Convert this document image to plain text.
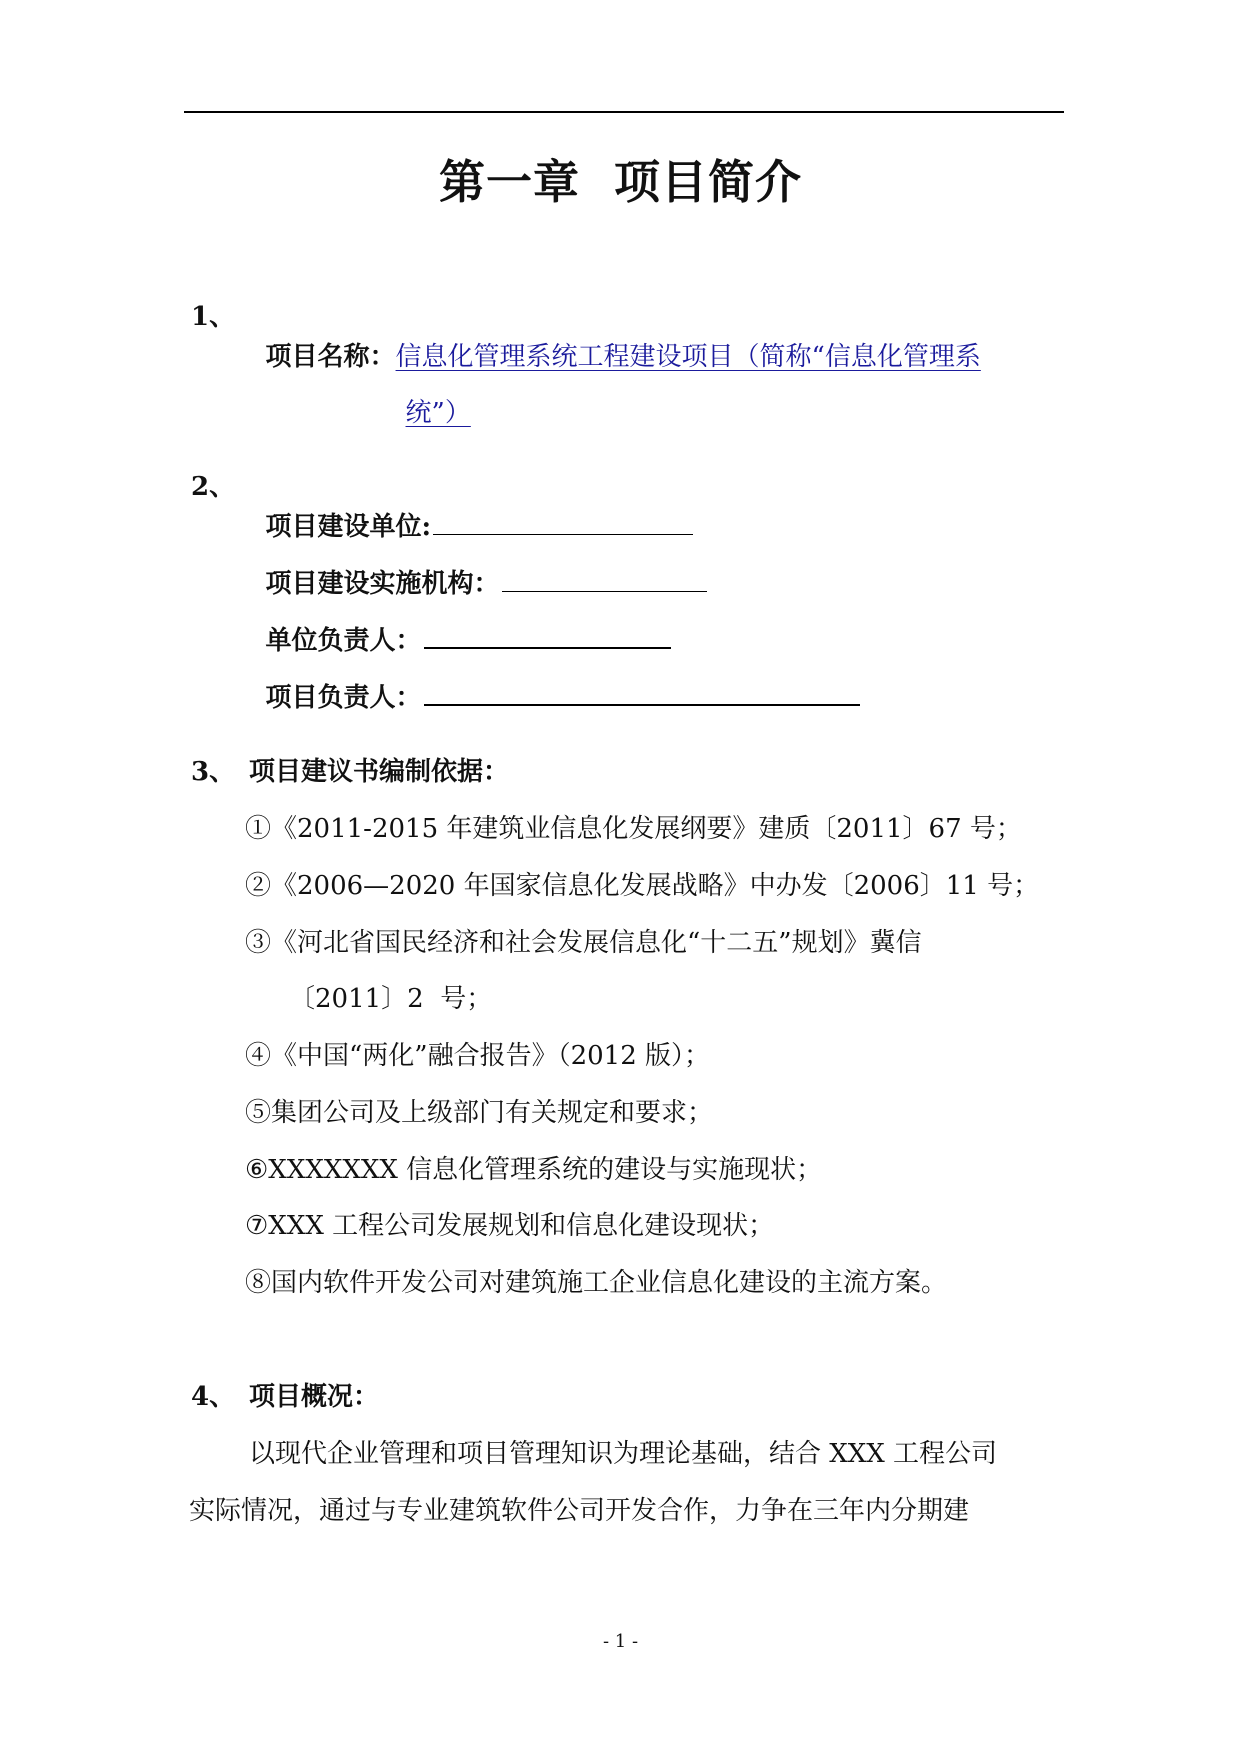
第一章  项目简介
1、

项目名称：信息化管理系统工程建设项目（简称“信息化管理系

统”）

2、

项目建设单位:

项目建设实施机构：

单位负责人：

项目负责人：

3、 项目建议书编制依据：
①《2011-2015 年建筑业信息化发展纲要》建质〔2011〕67 号；
②《2006—2020 年国家信息化发展战略》中办发〔2006〕11 号；
③《河北省国民经济和社会发展信息化“十二五”规划》冀信
〔2011〕2  号；
④《中国“两化”融合报告》（2012 版）；
⑤集团公司及上级部门有关规定和要求；
⑥XXXXXXX 信息化管理系统的建设与实施现状；
⑦XXX 工程公司发展规划和信息化建设现状；
⑧国内软件开发公司对建筑施工企业信息化建设的主流方案。
4、 项目概况：
以现代企业管理和项目管理知识为理论基础，结合 XXX 工程公司
实际情况，通过与专业建筑软件公司开发合作，力争在三年内分期建
- 1 -
